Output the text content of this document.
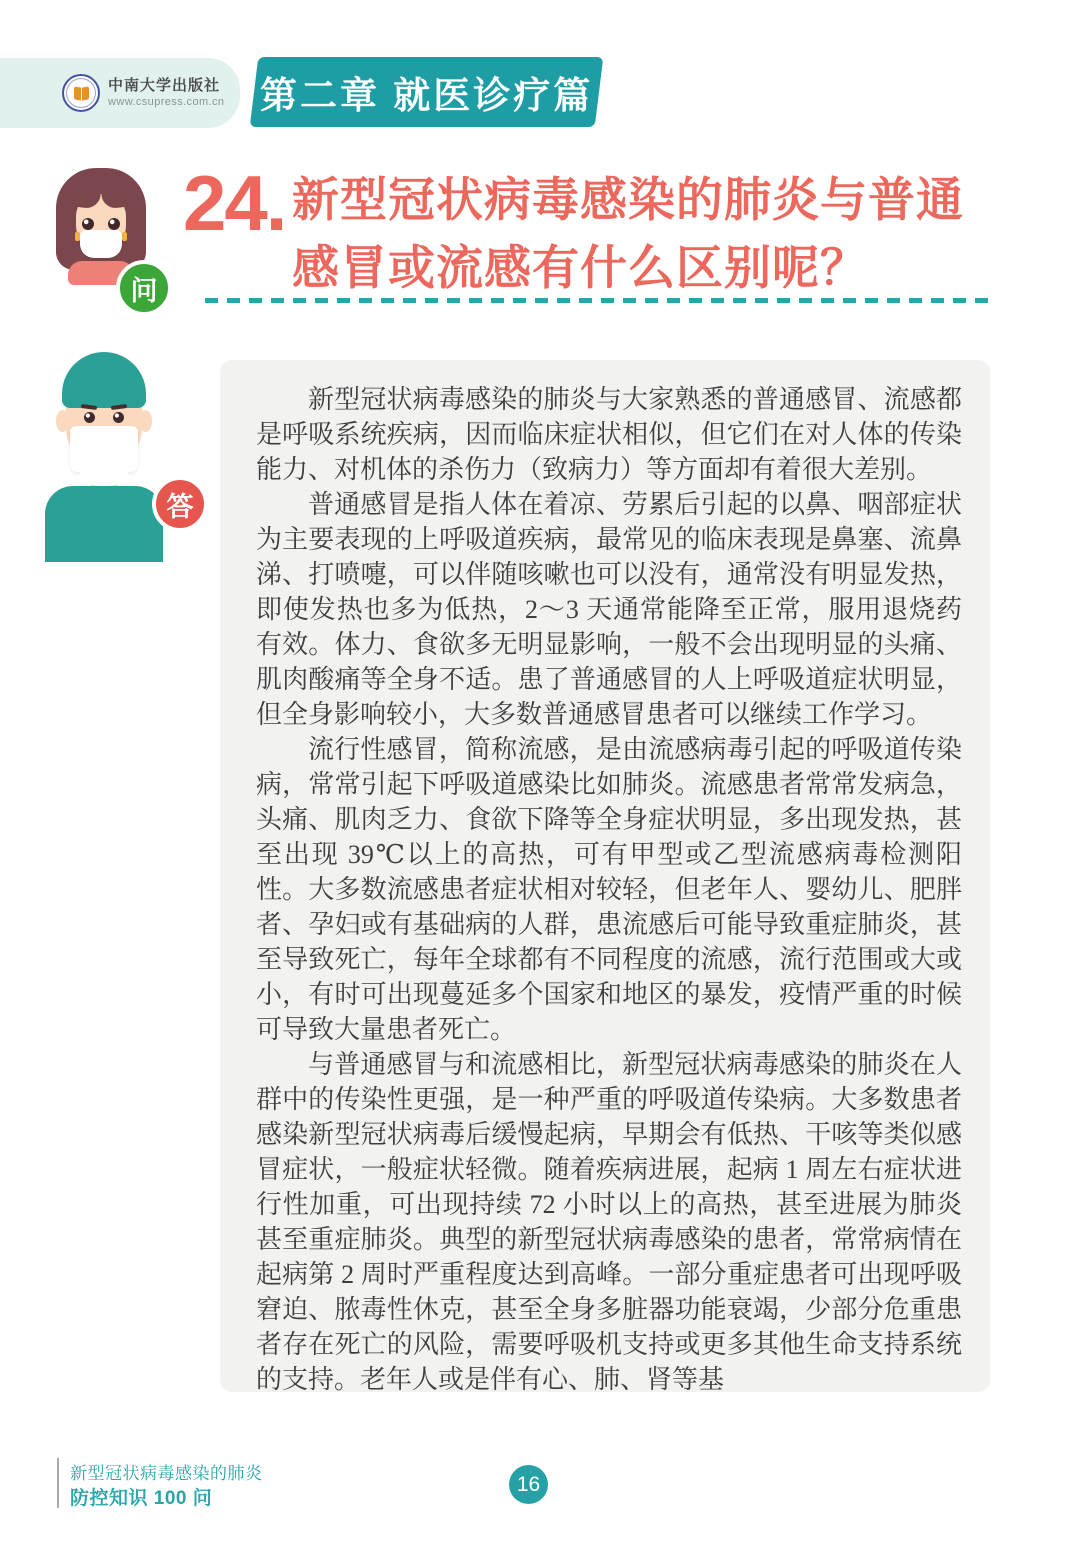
中南大学出版社
www.csupress.com.cn 第二章 就医诊疗篇
问
24. 新型冠状病毒感染的肺炎与普通
感冒或流感有什么区别呢？
答

新型冠状病毒感染的肺炎与大家熟悉的普通感冒、流感都是呼吸系统疾病，因而临床症状相似，但它们在对人体的传染能力、对机体的杀伤力（致病力）等方面却有着很大差别。

普通感冒是指人体在着凉、劳累后引起的以鼻、咽部症状为主要表现的上呼吸道疾病，最常见的临床表现是鼻塞、流鼻涕、打喷嚏，可以伴随咳嗽也可以没有，通常没有明显发热，即使发热也多为低热，2～3 天通常能降至正常，服用退烧药有效。体力、食欲多无明显影响，一般不会出现明显的头痛、肌肉酸痛等全身不适。患了普通感冒的人上呼吸道症状明显，但全身影响较小，大多数普通感冒患者可以继续工作学习。

流行性感冒，简称流感，是由流感病毒引起的呼吸道传染病，常常引起下呼吸道感染比如肺炎。流感患者常常发病急，头痛、肌肉乏力、食欲下降等全身症状明显，多出现发热，甚至出现 39℃以上的高热，可有甲型或乙型流感病毒检测阳性。大多数流感患者症状相对较轻，但老年人、婴幼儿、肥胖者、孕妇或有基础病的人群，患流感后可能导致重症肺炎，甚至导致死亡，每年全球都有不同程度的流感，流行范围或大或小，有时可出现蔓延多个国家和地区的暴发，疫情严重的时候可导致大量患者死亡。

与普通感冒与和流感相比，新型冠状病毒感染的肺炎在人群中的传染性更强，是一种严重的呼吸道传染病。大多数患者感染新型冠状病毒后缓慢起病，早期会有低热、干咳等类似感冒症状，一般症状轻微。随着疾病进展，起病 1 周左右症状进行性加重，可出现持续 72 小时以上的高热，甚至进展为肺炎甚至重症肺炎。典型的新型冠状病毒感染的患者，常常病情在起病第 2 周时严重程度达到高峰。一部分重症患者可出现呼吸窘迫、脓毒性休克，甚至全身多脏器功能衰竭，少部分危重患者存在死亡的风险，需要呼吸机支持或更多其他生命支持系统的支持。老年人或是伴有心、肺、肾等基

新型冠状病毒感染的肺炎
防控知识 100 问
16
